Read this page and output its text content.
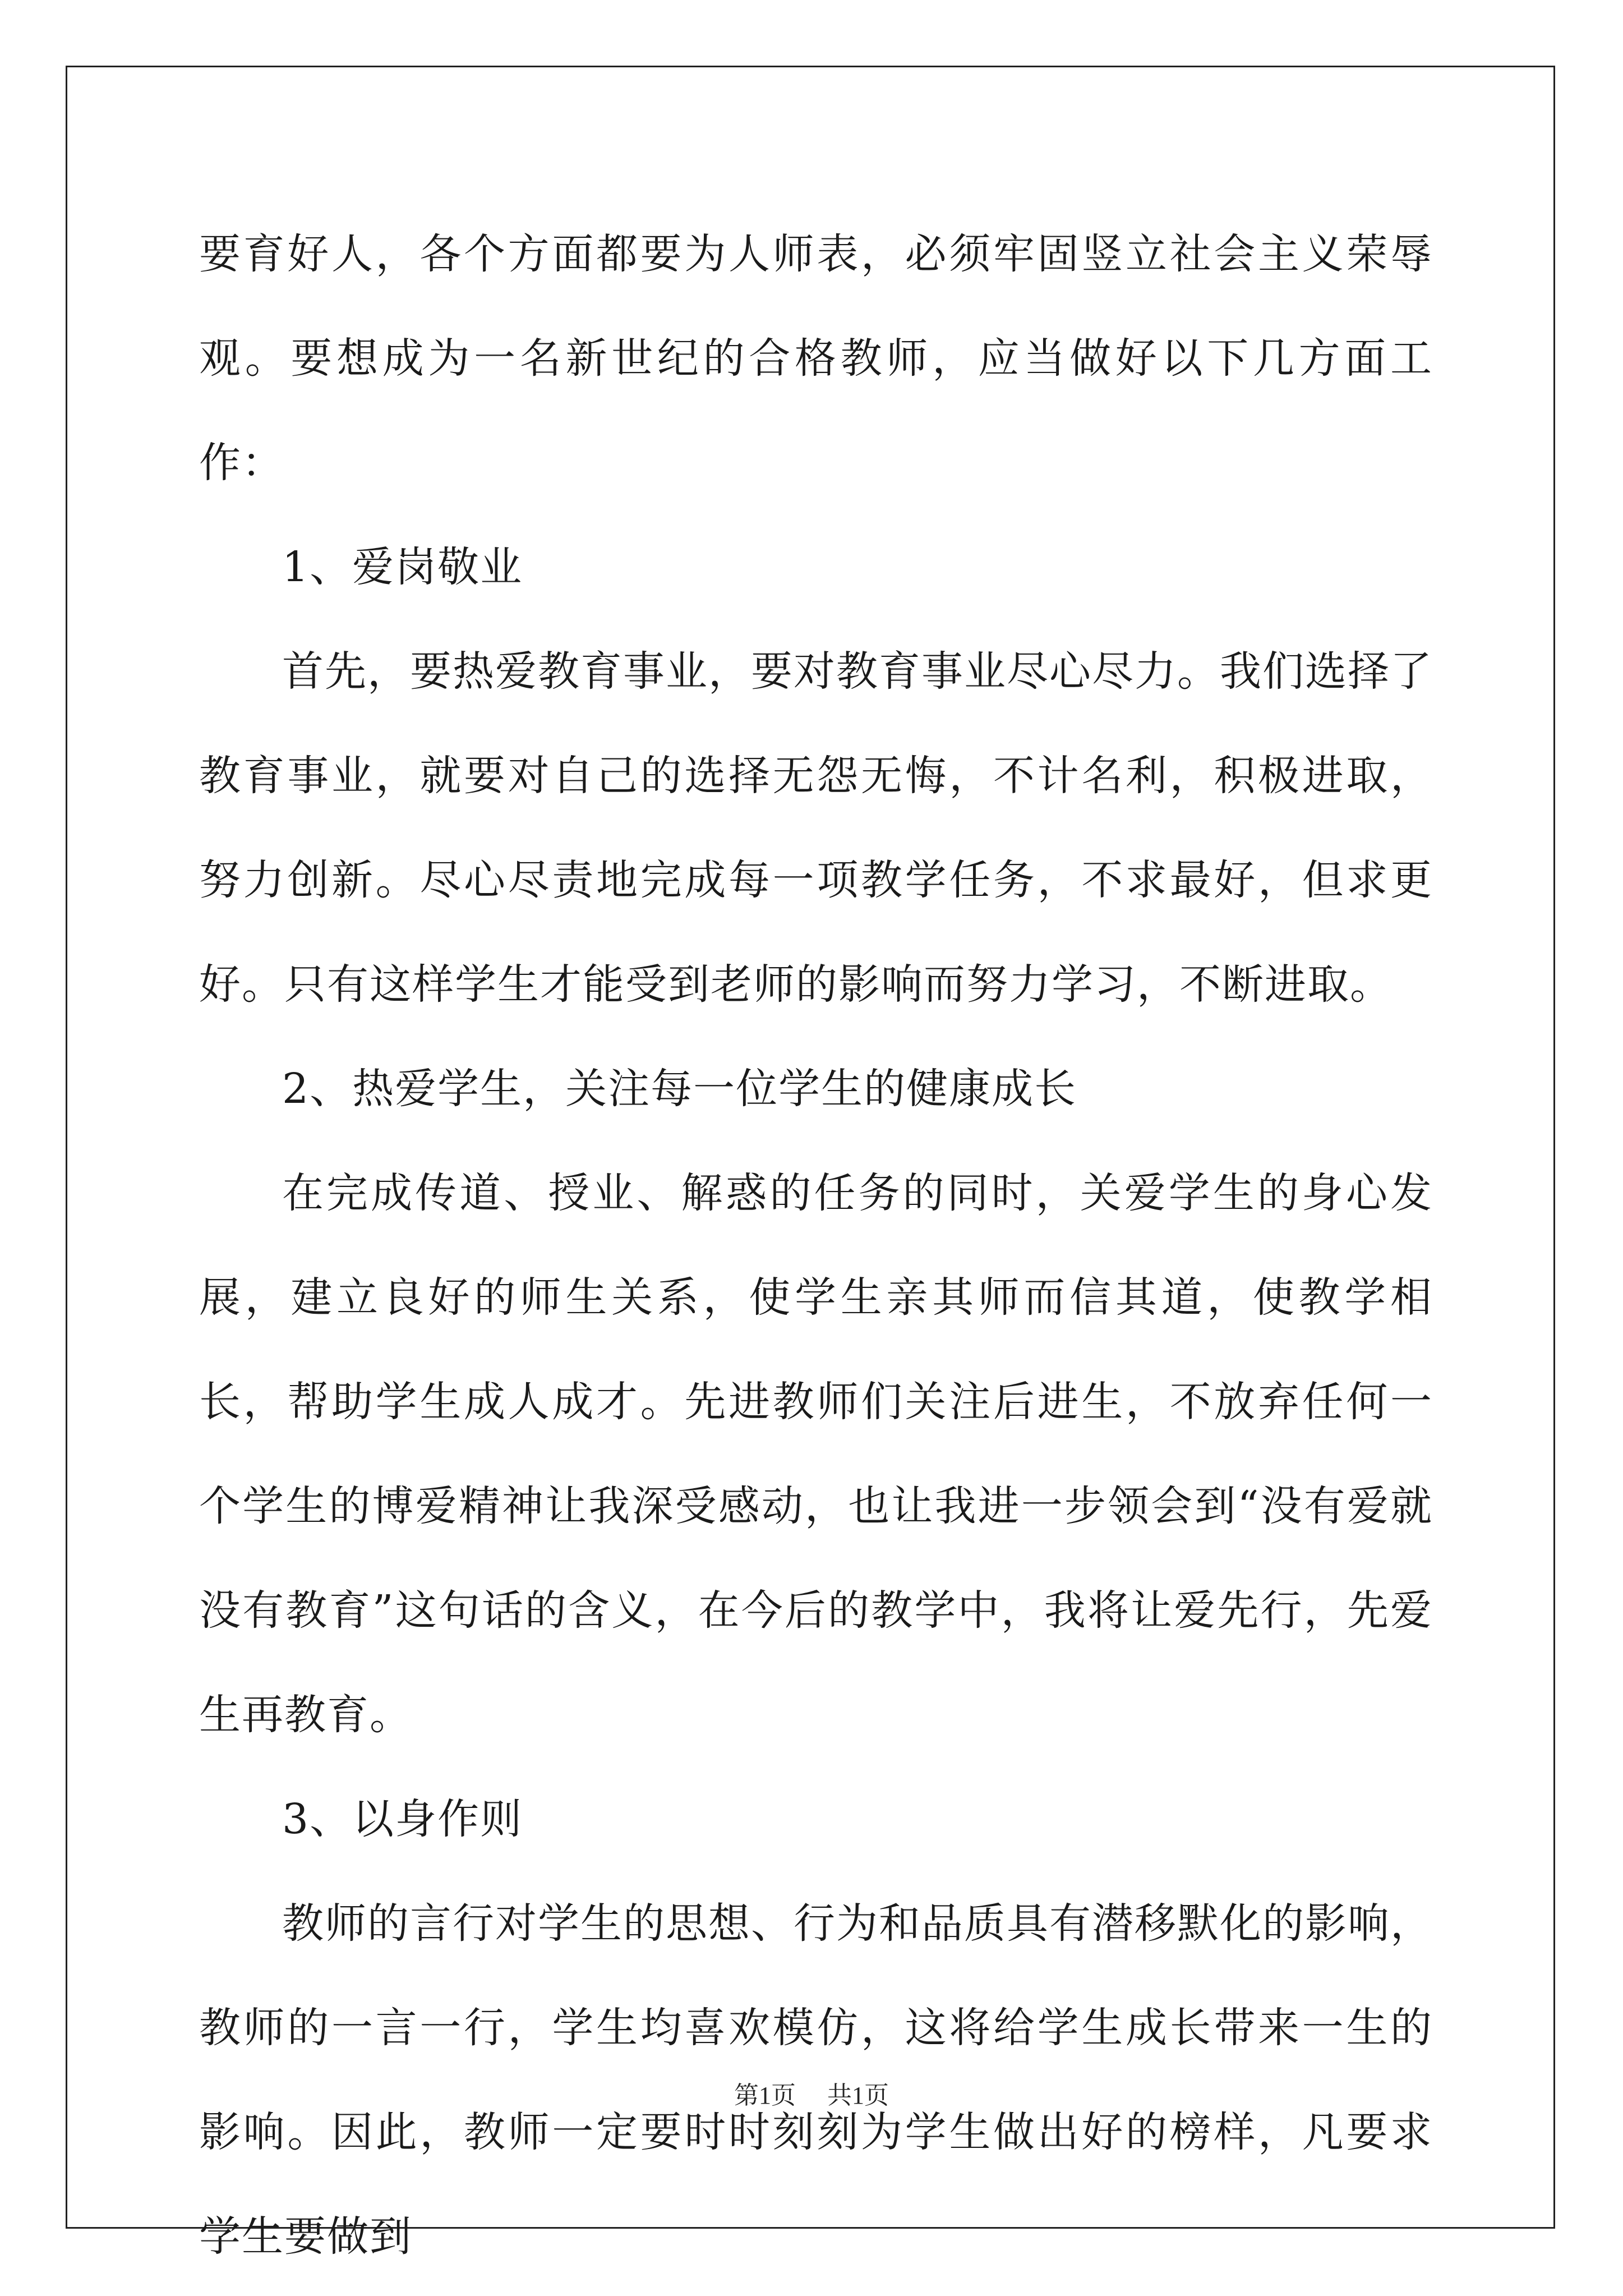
要育好人，各个方面都要为人师表，必须牢固竖立社会主义荣辱观。要想成为一名新世纪的合格教师，应当做好以下几方面工作：

1、爱岗敬业

首先，要热爱教育事业，要对教育事业尽心尽力。我们选择了教育事业，就要对自己的选择无怨无悔，不计名利，积极进取，努力创新。尽心尽责地完成每一项教学任务，不求最好，但求更好。只有这样学生才能受到老师的影响而努力学习，不断进取。

2、热爱学生，关注每一位学生的健康成长

在完成传道、授业、解惑的任务的同时，关爱学生的身心发展，建立良好的师生关系，使学生亲其师而信其道，使教学相长，帮助学生成人成才。先进教师们关注后进生，不放弃任何一个学生的博爱精神让我深受感动，也让我进一步领会到“没有爱就没有教育”这句话的含义，在今后的教学中，我将让爱先行，先爱生再教育。

3、以身作则

教师的言行对学生的思想、行为和品质具有潜移默化的影响，教师的一言一行，学生均喜欢模仿，这将给学生成长带来一生的影响。因此，教师一定要时时刻刻为学生做出好的榜样，凡要求学生要做到

第1页 共1页
